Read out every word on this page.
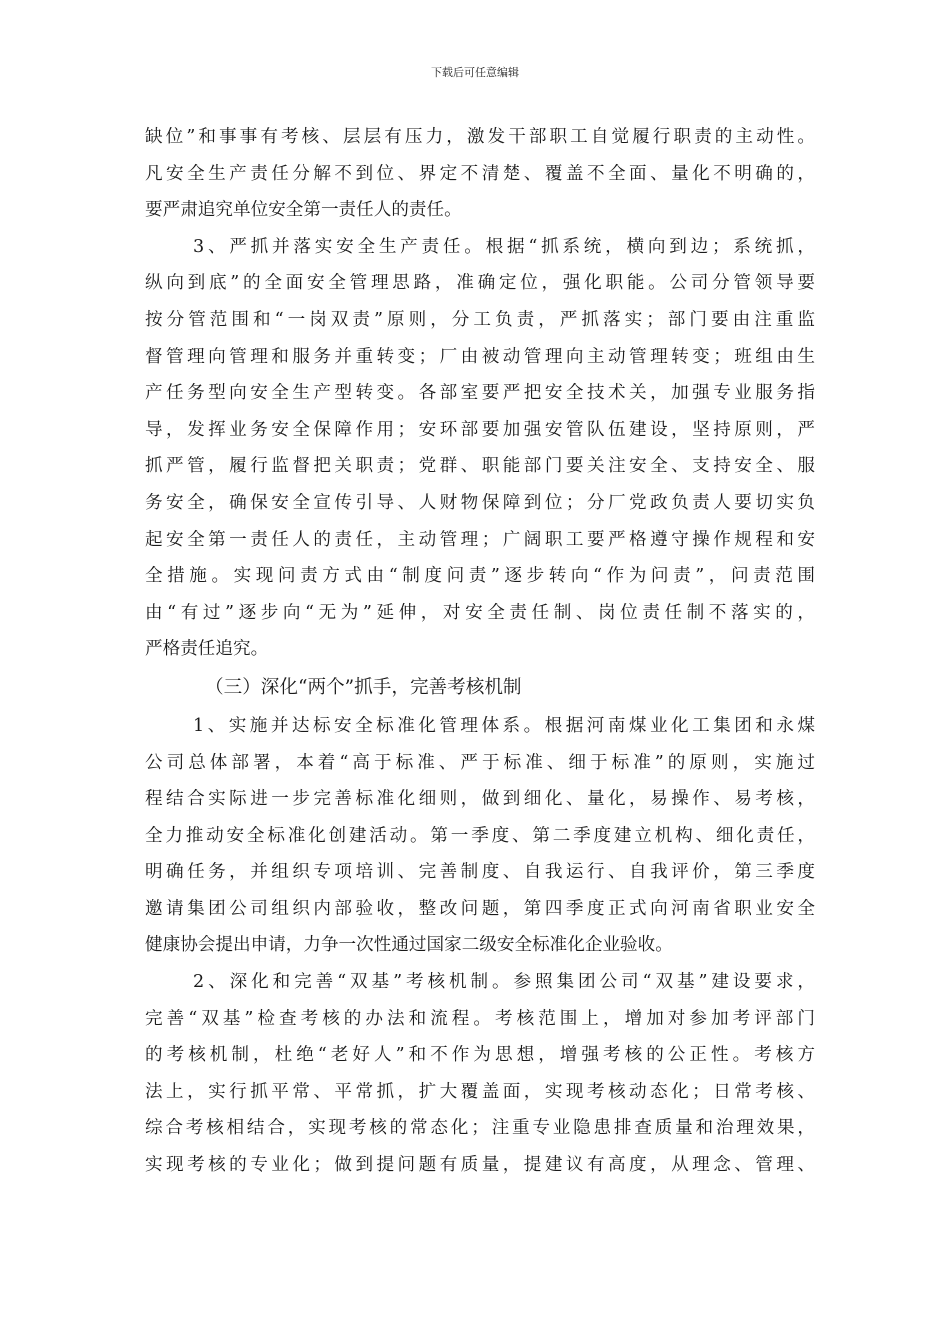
下载后可任意编辑
缺位”和事事有考核、层层有压力，激发干部职工自觉履行职责的主动性。
凡安全生产责任分解不到位、界定不清楚、覆盖不全面、量化不明确的，
要严肃追究单位安全第一责任人的责任。
3、严抓并落实安全生产责任。根据“抓系统，横向到边；系统抓，
纵向到底”的全面安全管理思路，准确定位，强化职能。公司分管领导要
按分管范围和“一岗双责”原则，分工负责，严抓落实；部门要由注重监
督管理向管理和服务并重转变；厂由被动管理向主动管理转变；班组由生
产任务型向安全生产型转变。各部室要严把安全技术关，加强专业服务指
导，发挥业务安全保障作用；安环部要加强安管队伍建设，坚持原则，严
抓严管，履行监督把关职责；党群、职能部门要关注安全、支持安全、服
务安全，确保安全宣传引导、人财物保障到位；分厂党政负责人要切实负
起安全第一责任人的责任，主动管理；广阔职工要严格遵守操作规程和安
全措施。实现问责方式由“制度问责”逐步转向“作为问责”，问责范围
由“有过”逐步向“无为”延伸，对安全责任制、岗位责任制不落实的，
严格责任追究。
（三）深化“两个”抓手，完善考核机制
1、实施并达标安全标准化管理体系。根据河南煤业化工集团和永煤
公司总体部署，本着“高于标准、严于标准、细于标准”的原则，实施过
程结合实际进一步完善标准化细则，做到细化、量化，易操作、易考核，
全力推动安全标准化创建活动。第一季度、第二季度建立机构、细化责任，
明确任务，并组织专项培训、完善制度、自我运行、自我评价，第三季度
邀请集团公司组织内部验收，整改问题，第四季度正式向河南省职业安全
健康协会提出申请，力争一次性通过国家二级安全标准化企业验收。
2、深化和完善“双基”考核机制。参照集团公司“双基”建设要求，
完善“双基”检查考核的办法和流程。考核范围上，增加对参加考评部门
的考核机制，杜绝“老好人”和不作为思想，增强考核的公正性。考核方
法上，实行抓平常、平常抓，扩大覆盖面，实现考核动态化；日常考核、
综合考核相结合，实现考核的常态化；注重专业隐患排查质量和治理效果，
实现考核的专业化；做到提问题有质量，提建议有高度，从理念、管理、
